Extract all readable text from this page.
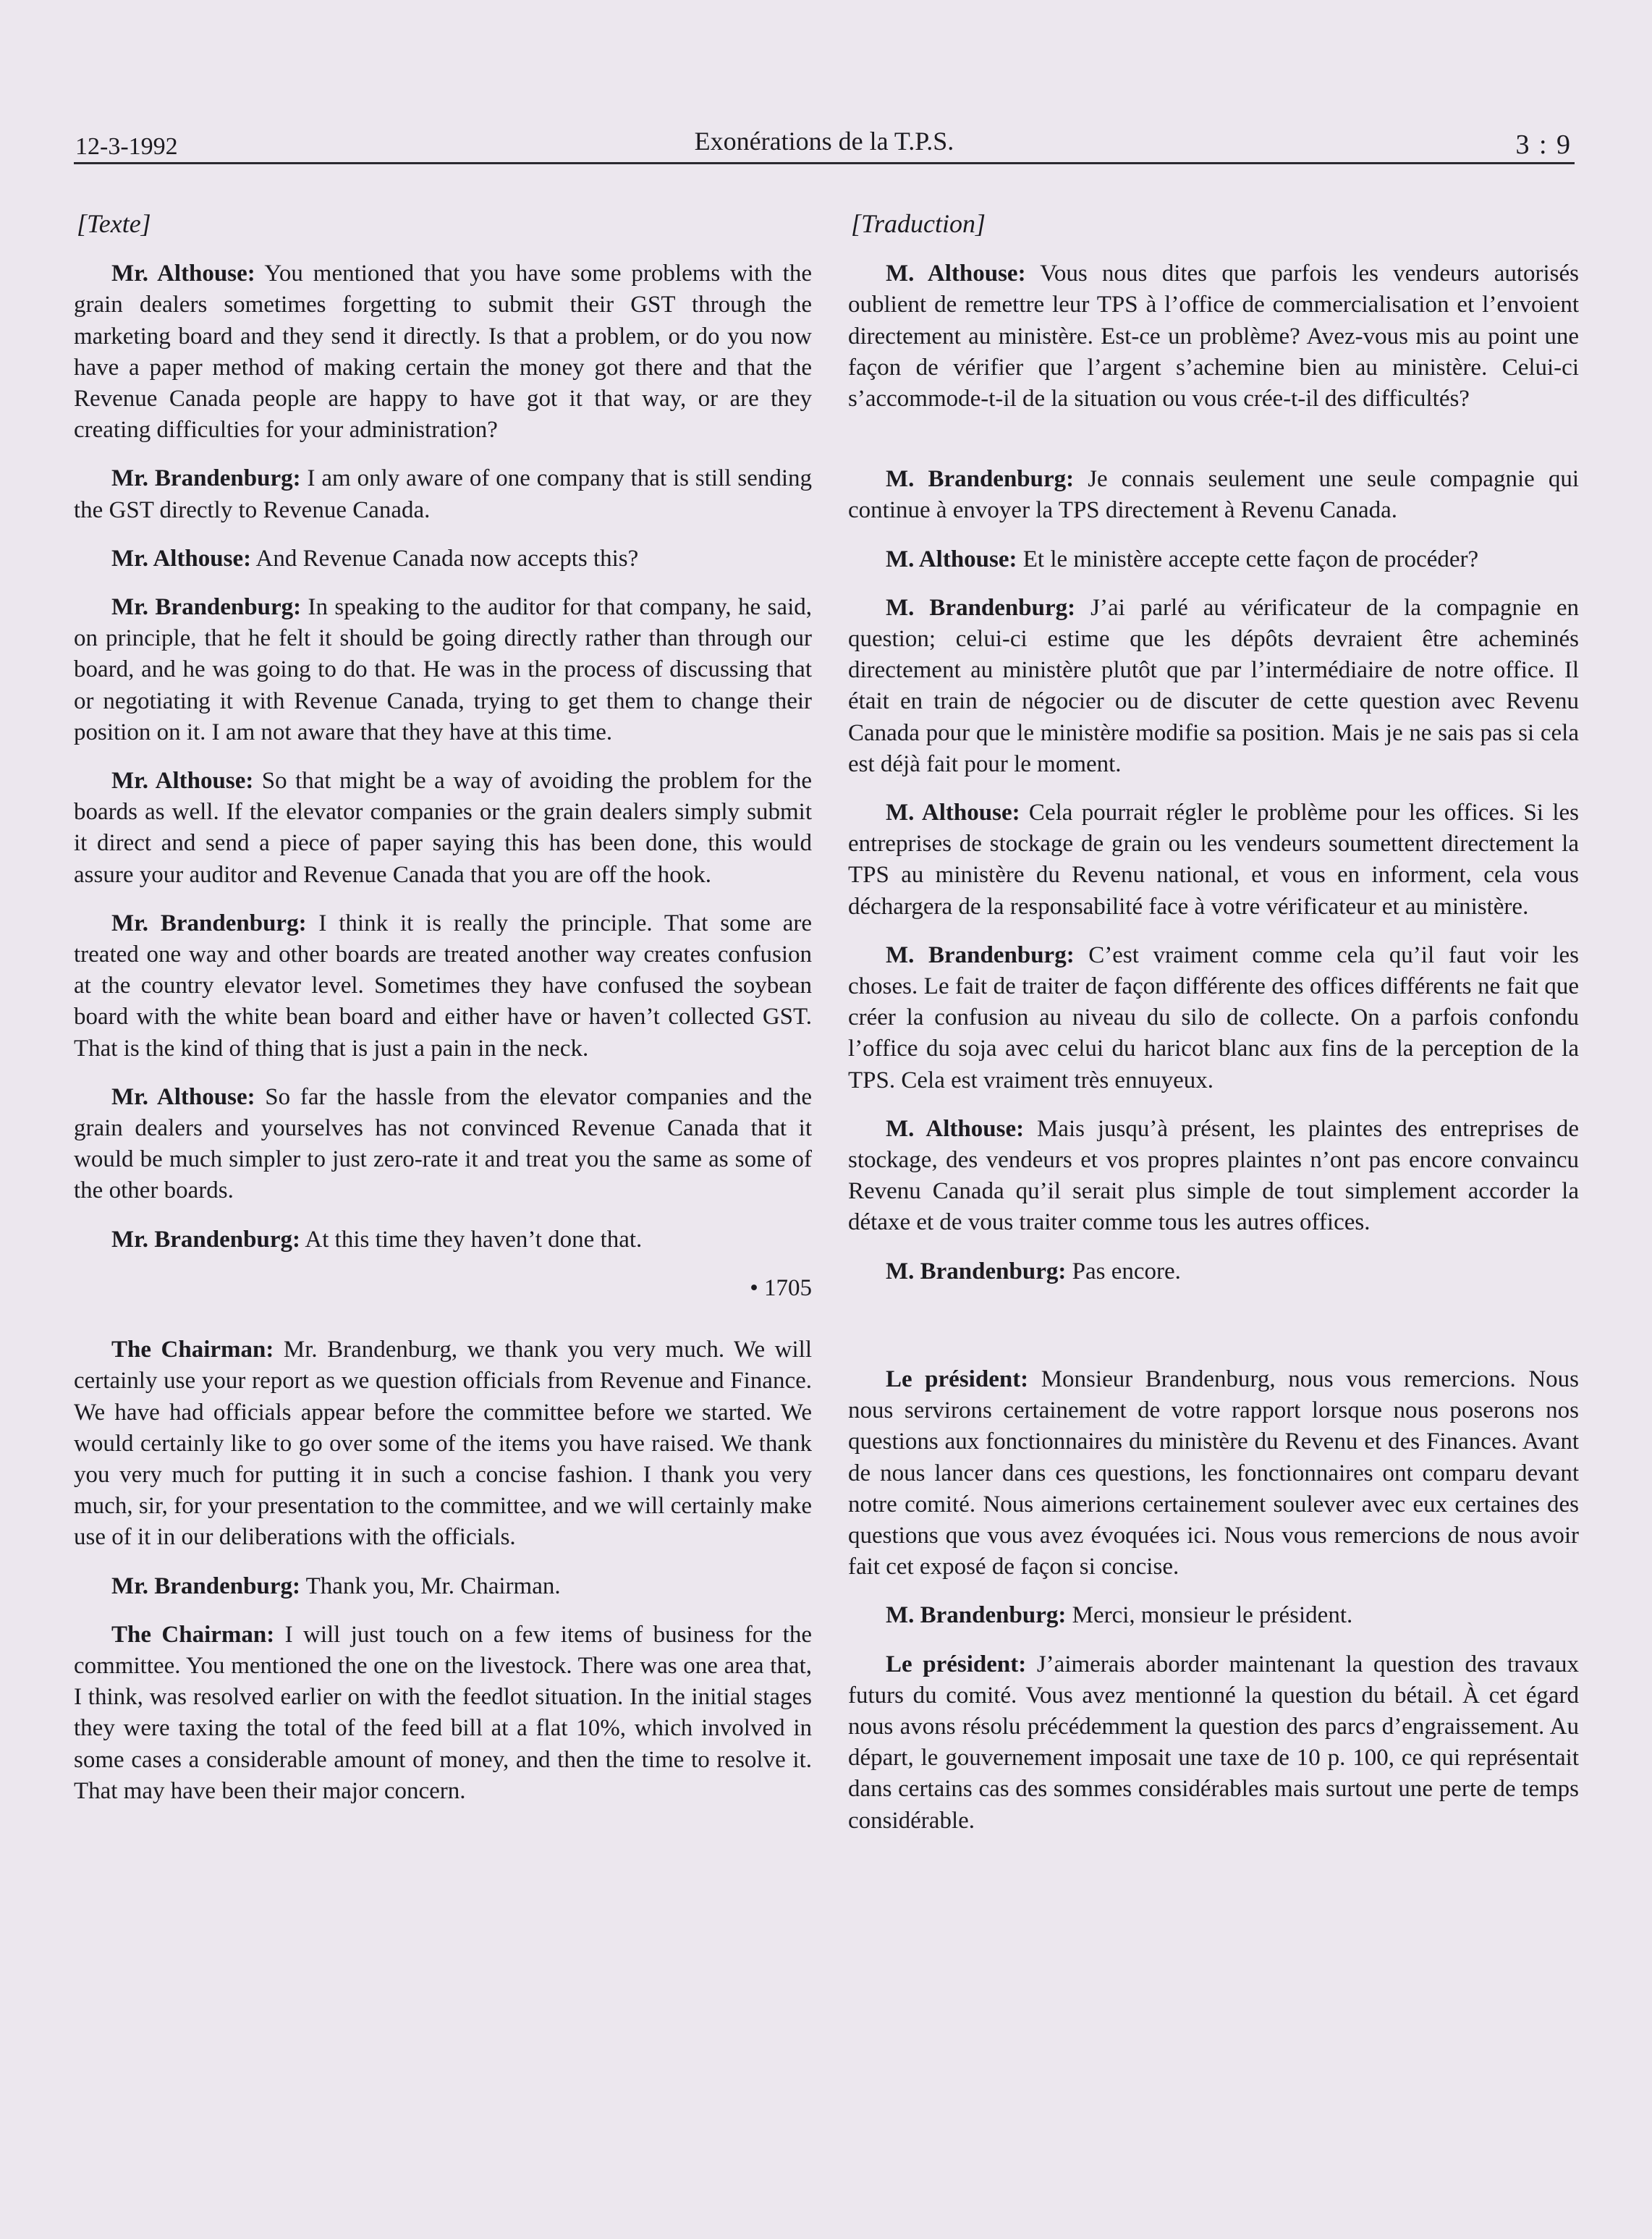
12-3-1992	Exonérations de la T.P.S.	3 : 9
[Texte]

Mr. Althouse: You mentioned that you have some problems with the grain dealers sometimes forgetting to submit their GST through the marketing board and they send it directly. Is that a problem, or do you now have a paper method of making certain the money got there and that the Revenue Canada people are happy to have got it that way, or are they creating difficulties for your administration?

Mr. Brandenburg: I am only aware of one company that is still sending the GST directly to Revenue Canada.

Mr. Althouse: And Revenue Canada now accepts this?

Mr. Brandenburg: In speaking to the auditor for that company, he said, on principle, that he felt it should be going directly rather than through our board, and he was going to do that. He was in the process of discussing that or negotiating it with Revenue Canada, trying to get them to change their position on it. I am not aware that they have at this time.

Mr. Althouse: So that might be a way of avoiding the problem for the boards as well. If the elevator companies or the grain dealers simply submit it direct and send a piece of paper saying this has been done, this would assure your auditor and Revenue Canada that you are off the hook.

Mr. Brandenburg: I think it is really the principle. That some are treated one way and other boards are treated another way creates confusion at the country elevator level. Sometimes they have confused the soybean board with the white bean board and either have or haven’t collected GST. That is the kind of thing that is just a pain in the neck.

Mr. Althouse: So far the hassle from the elevator companies and the grain dealers and yourselves has not convinced Revenue Canada that it would be much simpler to just zero-rate it and treat you the same as some of the other boards.

Mr. Brandenburg: At this time they haven’t done that.

• 1705

The Chairman: Mr. Brandenburg, we thank you very much. We will certainly use your report as we question officials from Revenue and Finance. We have had officials appear before the committee before we started. We would certainly like to go over some of the items you have raised. We thank you very much for putting it in such a concise fashion. I thank you very much, sir, for your presentation to the committee, and we will certainly make use of it in our deliberations with the officials.

Mr. Brandenburg: Thank you, Mr. Chairman.

The Chairman: I will just touch on a few items of business for the committee. You mentioned the one on the livestock. There was one area that, I think, was resolved earlier on with the feedlot situation. In the initial stages they were taxing the total of the feed bill at a flat 10%, which involved in some cases a considerable amount of money, and then the time to resolve it. That may have been their major concern.

[Traduction]

M. Althouse: Vous nous dites que parfois les vendeurs autorisés oublient de remettre leur TPS à l’office de commercialisation et l’envoient directement au ministère. Est-ce un problème? Avez-vous mis au point une façon de vérifier que l’argent s’achemine bien au ministère. Celui-ci s’accommode-t-il de la situation ou vous crée-t-il des difficultés?

M. Brandenburg: Je connais seulement une seule compagnie qui continue à envoyer la TPS directement à Revenu Canada.

M. Althouse: Et le ministère accepte cette façon de procéder?

M. Brandenburg: J’ai parlé au vérificateur de la compagnie en question; celui-ci estime que les dépôts devraient être acheminés directement au ministère plutôt que par l’intermédiaire de notre office. Il était en train de négocier ou de discuter de cette question avec Revenu Canada pour que le ministère modifie sa position. Mais je ne sais pas si cela est déjà fait pour le moment.

M. Althouse: Cela pourrait régler le problème pour les offices. Si les entreprises de stockage de grain ou les vendeurs soumettent directement la TPS au ministère du Revenu national, et vous en informent, cela vous déchargera de la responsabilité face à votre vérificateur et au ministère.

M. Brandenburg: C’est vraiment comme cela qu’il faut voir les choses. Le fait de traiter de façon différente des offices différents ne fait que créer la confusion au niveau du silo de collecte. On a parfois confondu l’office du soja avec celui du haricot blanc aux fins de la perception de la TPS. Cela est vraiment très ennuyeux.

M. Althouse: Mais jusqu’à présent, les plaintes des entreprises de stockage, des vendeurs et vos propres plaintes n’ont pas encore convaincu Revenu Canada qu’il serait plus simple de tout simplement accorder la détaxe et de vous traiter comme tous les autres offices.

M. Brandenburg: Pas encore.

Le président: Monsieur Brandenburg, nous vous remercions. Nous nous servirons certainement de votre rapport lorsque nous poserons nos questions aux fonctionnaires du ministère du Revenu et des Finances. Avant de nous lancer dans ces questions, les fonctionnaires ont comparu devant notre comité. Nous aimerions certainement soulever avec eux certaines des questions que vous avez évoquées ici. Nous vous remercions de nous avoir fait cet exposé de façon si concise.

M. Brandenburg: Merci, monsieur le président.

Le président: J’aimerais aborder maintenant la question des travaux futurs du comité. Vous avez mentionné la question du bétail. À cet égard nous avons résolu précédemment la question des parcs d’engraissement. Au départ, le gouvernement imposait une taxe de 10 p. 100, ce qui représentait dans certains cas des sommes considérables mais surtout une perte de temps considérable.
